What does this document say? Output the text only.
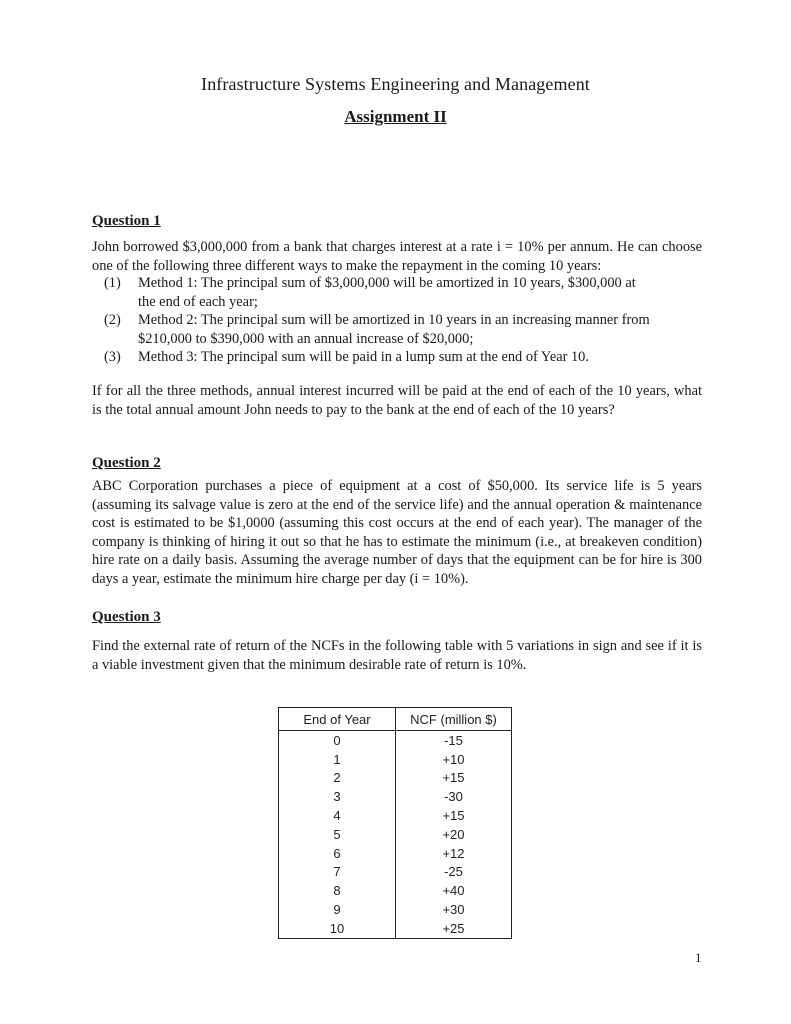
Infrastructure Systems Engineering and Management
Assignment II
Question 1
John borrowed $3,000,000 from a bank that charges interest at a rate i = 10% per annum. He can choose one of the following three different ways to make the repayment in the coming 10 years:
(1) Method 1: The principal sum of $3,000,000 will be amortized in 10 years, $300,000 at
the end of each year;
(2) Method 2: The principal sum will be amortized in 10 years in an increasing manner from
$210,000 to $390,000 with an annual increase of $20,000;
(3) Method 3: The principal sum will be paid in a lump sum at the end of Year 10.
If for all the three methods, annual interest incurred will be paid at the end of each of the 10 years, what is the total annual amount John needs to pay to the bank at the end of each of the 10 years?
Question 2
ABC Corporation purchases a piece of equipment at a cost of $50,000. Its service life is 5 years (assuming its salvage value is zero at the end of the service life) and the annual operation & maintenance cost is estimated to be $1,0000 (assuming this cost occurs at the end of each year). The manager of the company is thinking of hiring it out so that he has to estimate the minimum (i.e., at breakeven condition) hire rate on a daily basis. Assuming the average number of days that the equipment can be for hire is 300 days a year, estimate the minimum hire charge per day (i = 10%).
Question 3
Find the external rate of return of the NCFs in the following table with 5 variations in sign and see if it is a viable investment given that the minimum desirable rate of return is 10%.
End of Year	NCF (million $)
0	-15
1	+10
2	+15
3	-30
4	+15
5	+20
6	+12
7	-25
8	+40
9	+30
10	+25
1
